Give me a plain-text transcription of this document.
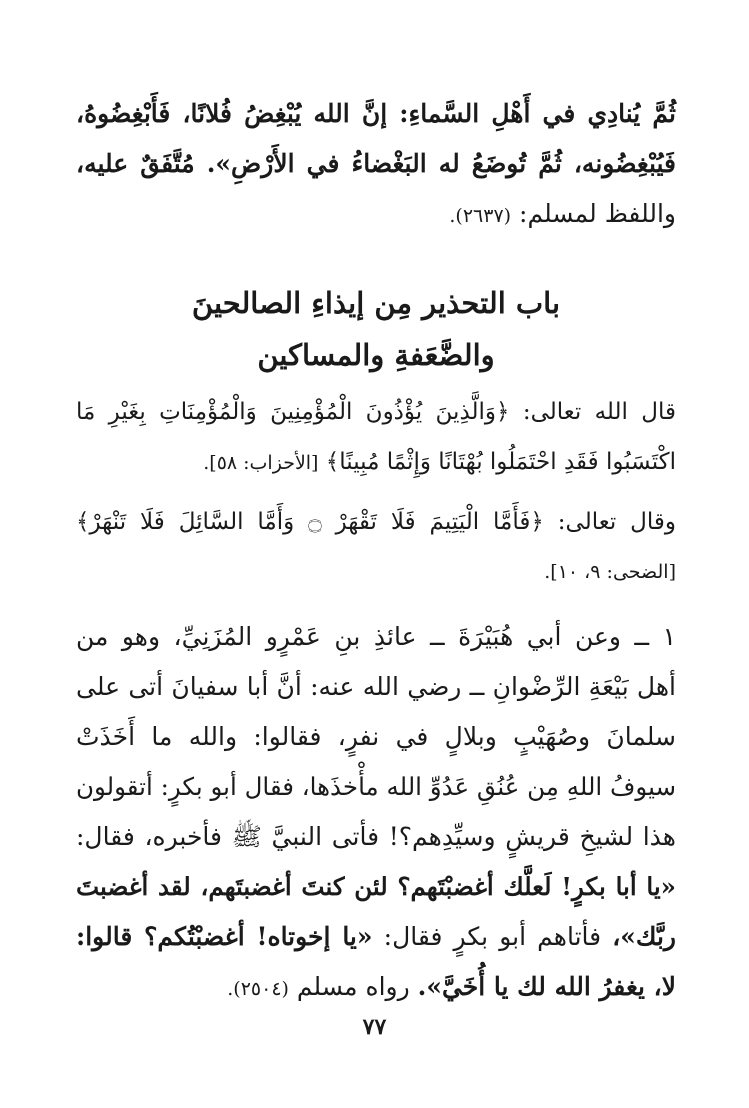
ثُمَّ يُنادِي في أَهْلِ السَّماءِ: إنَّ الله يُبْغِضُ فُلانًا، فَأَبْغِضُوهُ،
فَيُبْغِضُونه، ثُمَّ تُوضَعُ له البَغْضاءُ في الأَرْضِ». مُتَّفَقٌ عليه،
واللفظ لمسلم: (٢٦٣٧).
باب التحذير مِن إيذاءِ الصالحينَ
والضَّعَفةِ والمساكين
قال الله تعالى: ﴿وَالَّذِينَ يُؤْذُونَ الْمُؤْمِنِينَ وَالْمُؤْمِنَاتِ بِغَيْرِ مَا
اكْتَسَبُوا فَقَدِ احْتَمَلُوا بُهْتَانًا وَإِثْمًا مُبِينًا﴾ [الأحزاب: ٥٨].
وقال تعالى: ﴿فَأَمَّا الْيَتِيمَ فَلَا تَقْهَرْ ۝ وَأَمَّا السَّائِلَ فَلَا تَنْهَرْ﴾
[الضحى: ٩، ١٠].
١ ــ وعن أبي هُبَيْرَةَ ــ عائذِ بنِ عَمْرٍو المُزَنِيِّ، وهو من
أهل بَيْعَةِ الرِّضْوانِ ــ رضي الله عنه: أنَّ أبا سفيانَ أتى على
سلمانَ وصُهَيْبٍ وبلالٍ في نفرٍ، فقالوا: والله ما أَخَذَتْ
سيوفُ اللهِ مِن عُنُقِ عَدُوِّ الله مأْخذَها، فقال أبو بكرٍ: أتقولون
هذا لشيخِ قريشٍ وسيِّدِهم؟! فأتى النبيَّ ﷺ فأخبره، فقال:
«يا أبا بكرٍ! لَعلَّك أغضبْتَهم؟ لئن كنتَ أغضبتَهم، لقد أغضبتَ
ربَّك»، فأتاهم أبو بكرٍ فقال: «يا إخوتاه! أغضبْتُكم؟ قالوا:
لا، يغفرُ الله لك يا أُخَيَّ». رواه مسلم (٢٥٠٤).
٧٧
